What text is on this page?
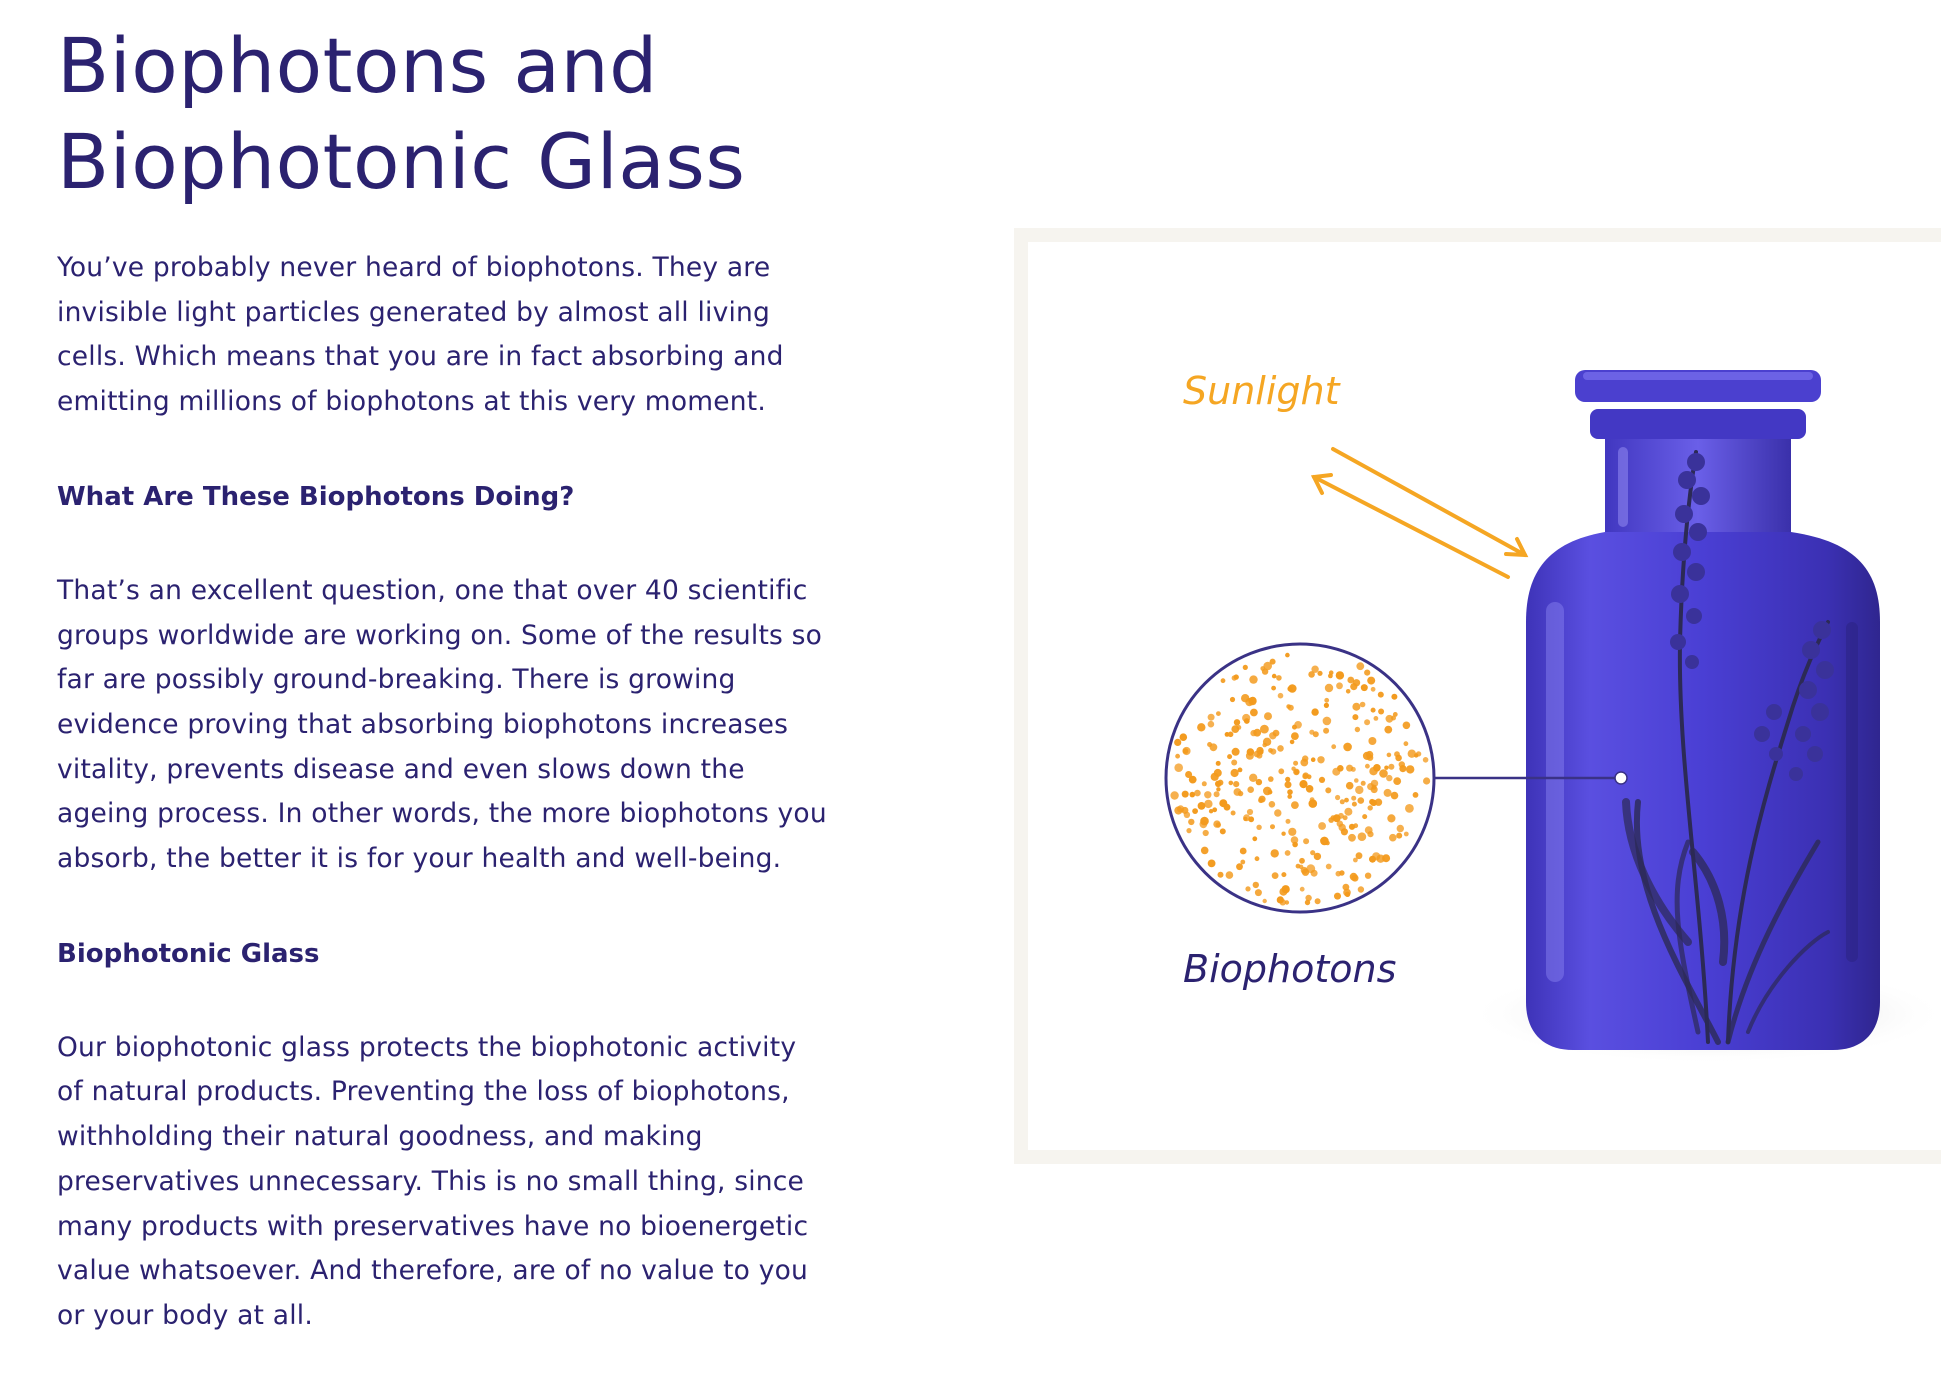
Biophotons and
Biophotonic Glass

You’ve probably never heard of biophotons. They are invisible light particles generated by almost all living cells. Which means that you are in fact absorbing and emitting millions of biophotons at this very moment.

What Are These Biophotons Doing?

That’s an excellent question, one that over 40 scientific groups worldwide are working on. Some of the results so far are possibly ground-breaking. There is growing evidence proving that absorbing biophotons increases vitality, prevents disease and even slows down the ageing process. In other words, the more biophotons you absorb, the better it is for your health and well-being.

Biophotonic Glass

Our biophotonic glass protects the biophotonic activity of natural products. Preventing the loss of biophotons, withholding their natural goodness, and making preservatives unnecessary. This is no small thing, since many products with preservatives have no bioenergetic value whatsoever. And therefore, are of no value to you or your body at all.

Sunlight
Biophotons
